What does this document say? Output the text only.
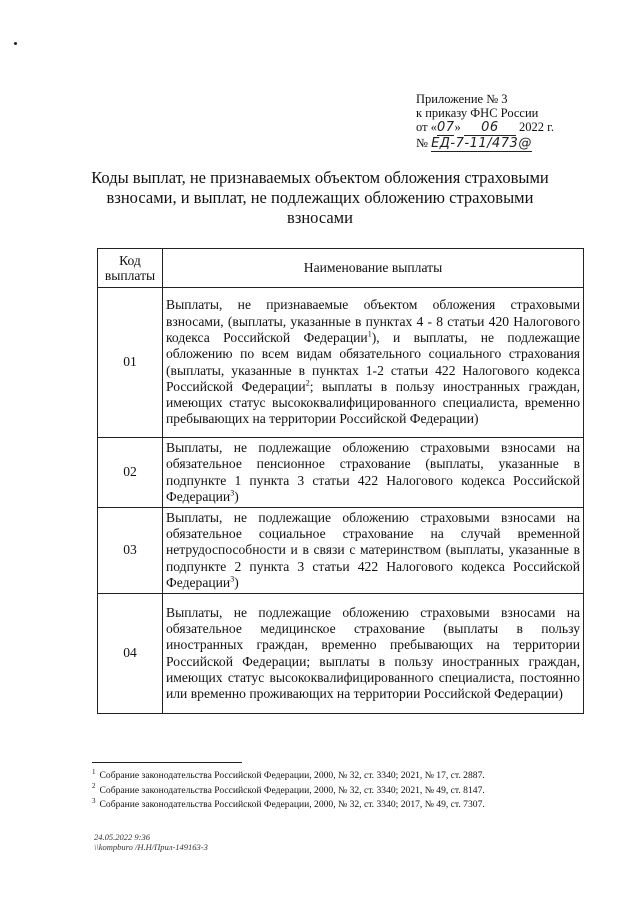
Приложение № 3
к приказу ФНС России
от «07» 06 2022 г.
№ ЕД-7-11/473@
Коды выплат, не признаваемых объектом обложения страховыми взносами, и выплат, не подлежащих обложению страховыми взносами
Код выплаты	Наименование выплаты
01	Выплаты, не признаваемые объектом обложения страховыми взносами, (выплаты, указанные в пунктах 4 - 8 статьи 420 Налогового кодекса Российской Федерации$^1$), и выплаты, не подлежащие обложению по всем видам обязательного социального страхования (выплаты, указанные в пунктах 1-2 статьи 422 Налогового кодекса Российской Федерации$^2$; выплаты в пользу иностранных граждан, имеющих статус высококвалифицированного специалиста, временно пребывающих на территории Российской Федерации)
02	Выплаты, не подлежащие обложению страховыми взносами на обязательное пенсионное страхование (выплаты, указанные в подпункте 1 пункта 3 статьи 422 Налогового кодекса Российской Федерации$^3$)
03	Выплаты, не подлежащие обложению страховыми взносами на обязательное социальное страхование на случай временной нетрудоспособности и в связи с материнством (выплаты, указанные в подпункте 2 пункта 3 статьи 422 Налогового кодекса Российской Федерации$^3$)
04	Выплаты, не подлежащие обложению страховыми взносами на обязательное медицинское страхование (выплаты в пользу иностранных граждан, временно пребывающих на территории Российской Федерации; выплаты в пользу иностранных граждан, имеющих статус высококвалифицированного специалиста, постоянно или временно проживающих на территории Российской Федерации)
$^1$ Собрание законодательства Российской Федерации, 2000, № 32, ст. 3340; 2021, № 17, ст. 2887.
$^2$ Собрание законодательства Российской Федерации, 2000, № 32, ст. 3340; 2021, № 49, ст. 8147.
$^3$ Собрание законодательства Российской Федерации, 2000, № 32, ст. 3340; 2017, № 49, ст. 7307.
24.05.2022 9:36
\\kompburo /Н.Н/Прил-149163-3
